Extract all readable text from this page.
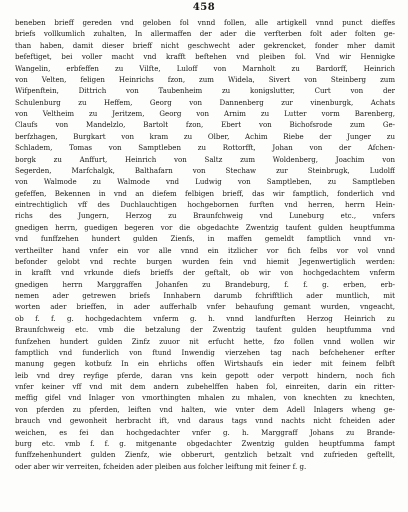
458
beneben brieff gereden vnd geloben fol vnnd follen, alle artigkell vnnd punct dieffes
briefs vollkumlich zuhalten, In allermaffen der ader die verfterben folt ader folten ge-
than haben, damit dieser brieff nicht geschwecht ader gekrencket, fonder mher damit
befeftiget, bei voller macht vnd krafft beftehen vnd pleiben fol. Vnd wir Hennigke
Wangelin, erbfeffen zu Vilfte, Luloff von Marnholt zu Bardorff, Heinrich
von Velten, feligen Heinrichs fzon, zum Widela, Sivert von Steinberg zum
Wifpenftein, Dittrich von Taubenheim zu konigslutter, Curt von der
Schulenburg zu Heffem, Georg von Dannenberg zur vinenburgk, Achats
von Veltheim zu Jeritzem, Georg von Arnim zu Lutter vorm Barenberg,
Claufs von Mandelzlo, Bartolt fzon, Ebert von Bichofsrode zum Ge-
berfzhagen, Burgkart von kram zu Olber, Achim Riebe der Junger zu
Schladem, Tomas von Samptleben zu Rottorfft, Johan von der Afchen-
borgk zu Anffurt, Heinrich von Saltz zum Woldenberg, Joachim von
Segerden, Marfchalgk, Balthafarn von Stechaw zur Steinbrugk, Ludolff
von Walmode zu Walmode vnd Ludwig von Samptleben, zu Samptleben
gefeffen, Bekennen in vnd an diefem felbigen brieff, das wir famptlich, fonderlich vnd
eintrechtiglich vff des Duchlauchtigen hochgebornen furften vnd herren, herrn Hein-
richs des Jungern, Herzog zu Braunfchweig vnd Luneburg etc., vnfers
gnedigen herrn, guedigen begeren vor die obgedachte Zwentzig taufent gulden heuptfumma
vnd funffzehen hundert gulden Zienfs, in maffen gemeldt famptlich vnnd vn-
vertheilter hand vnfer ein vor alle vnnd ein itzlicher vor fich felbs vor vol vnnd
befonder gelobt vnd rechte burgen wurden fein vnd hiemit Jegenwertiglich werden:
in krafft vnd vrkunde diefs brieffs der geftalt, ob wir von hochgedachtem vnferm
gnedigen herrn Marggraffen Johanfen zu Brandeburg, f. f. g. erben, erb-
nemen ader getrewen briefs Innhabern darumb fchrifftlich ader muntlich, mit
worten ader brieffen, in ader aufferhalb vnfer behaufung gemant wurden, vngeacht,
ob f. f. g. hochgedachtem vnferm g. h. vnnd landfurften Herzog Heinrich zu
Braunfchweig etc. vmb die betzalung der Zwentzig taufent gulden heuptfumma vnd
funfzehen hundert gulden Zinfz zuuor nit erfucht hette, fzo follen vnnd wollen wir
famptlich vnd funderlich von ftund Inwendig vierzehen tag nach befchehener erfter
manung gegen kotbufz In ein ehrlichs offen Wirtshaufs ein ieder mit feinem felbft
leib vnd drey reyfige pferde, daran vns kein gepott oder verpott hindern, noch fich
vnfer keiner vff vnd mit dem andern zubehelffen haben fol, einreiten, darin ein ritter-
meffig gifel vnd Inlager von vmorthingten mhalen zu mhalen, von knechten zu knechten,
von pferden zu pferden, leiften vnd halten, wie vnter dem Adell Inlagers wheng ge-
brauch vnd gewonheit herbracht ift, vnd daraus tags vnnd nachts nicht fcheiden ader
weichen, es fei dan hochgedachter vnfer g. h. Marggraff Johans zu Brande-
burg etc. vmb f. f. g. mitgenante obgedachter Zwentzig gulden heuptfumma fampt
funffzehenhundert gulden Zienfz, wie obberurt, gentzlich betzalt vnd zufrieden geftellt,
oder aber wir verreiten, fcheiden ader pleiben aus folcher leiftung mit feiner f. g.
